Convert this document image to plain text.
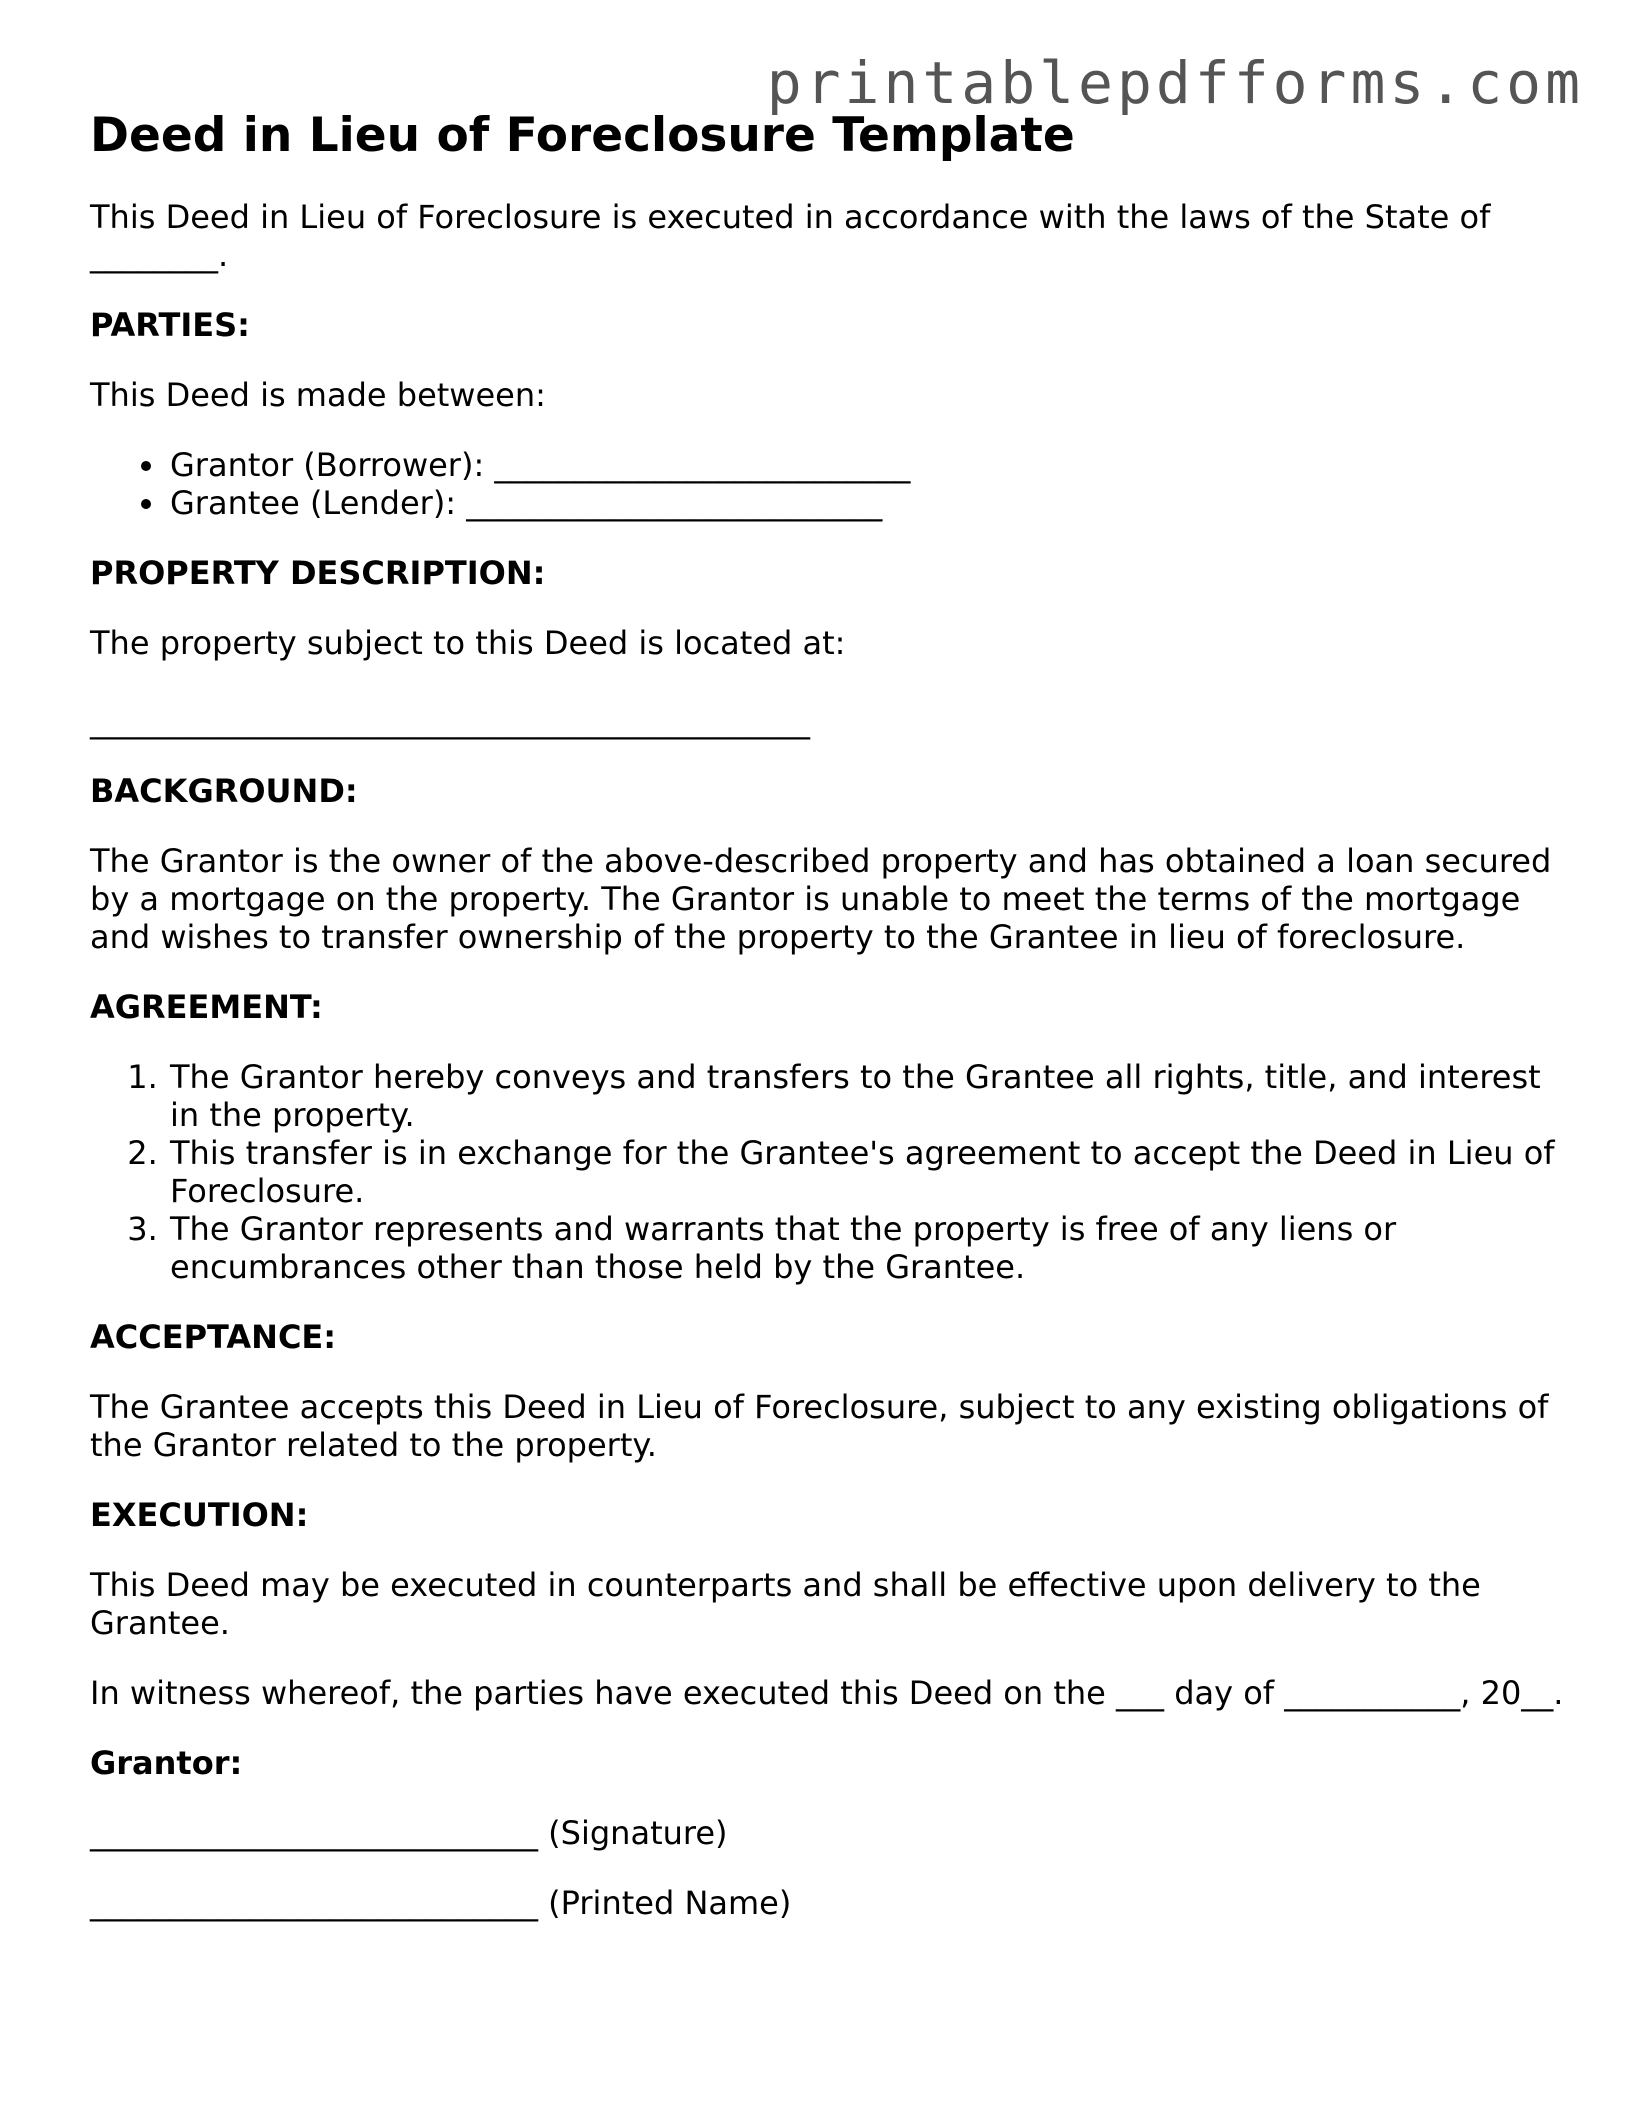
printablepdfforms.com
Deed in Lieu of Foreclosure Template

This Deed in Lieu of Foreclosure is executed in accordance with the laws of the State of ________.

PARTIES:

This Deed is made between:

• Grantor (Borrower): __________________________
• Grantee (Lender): __________________________

PROPERTY DESCRIPTION:

The property subject to this Deed is located at:

_____________________________________________

BACKGROUND:

The Grantor is the owner of the above-described property and has obtained a loan secured by a mortgage on the property. The Grantor is unable to meet the terms of the mortgage and wishes to transfer ownership of the property to the Grantee in lieu of foreclosure.

AGREEMENT:

1. The Grantor hereby conveys and transfers to the Grantee all rights, title, and interest in the property.
2. This transfer is in exchange for the Grantee's agreement to accept the Deed in Lieu of Foreclosure.
3. The Grantor represents and warrants that the property is free of any liens or encumbrances other than those held by the Grantee.

ACCEPTANCE:

The Grantee accepts this Deed in Lieu of Foreclosure, subject to any existing obligations of the Grantor related to the property.

EXECUTION:

This Deed may be executed in counterparts and shall be effective upon delivery to the Grantee.

In witness whereof, the parties have executed this Deed on the ___ day of ___________, 20__.

Grantor:

____________________________ (Signature)

____________________________ (Printed Name)
